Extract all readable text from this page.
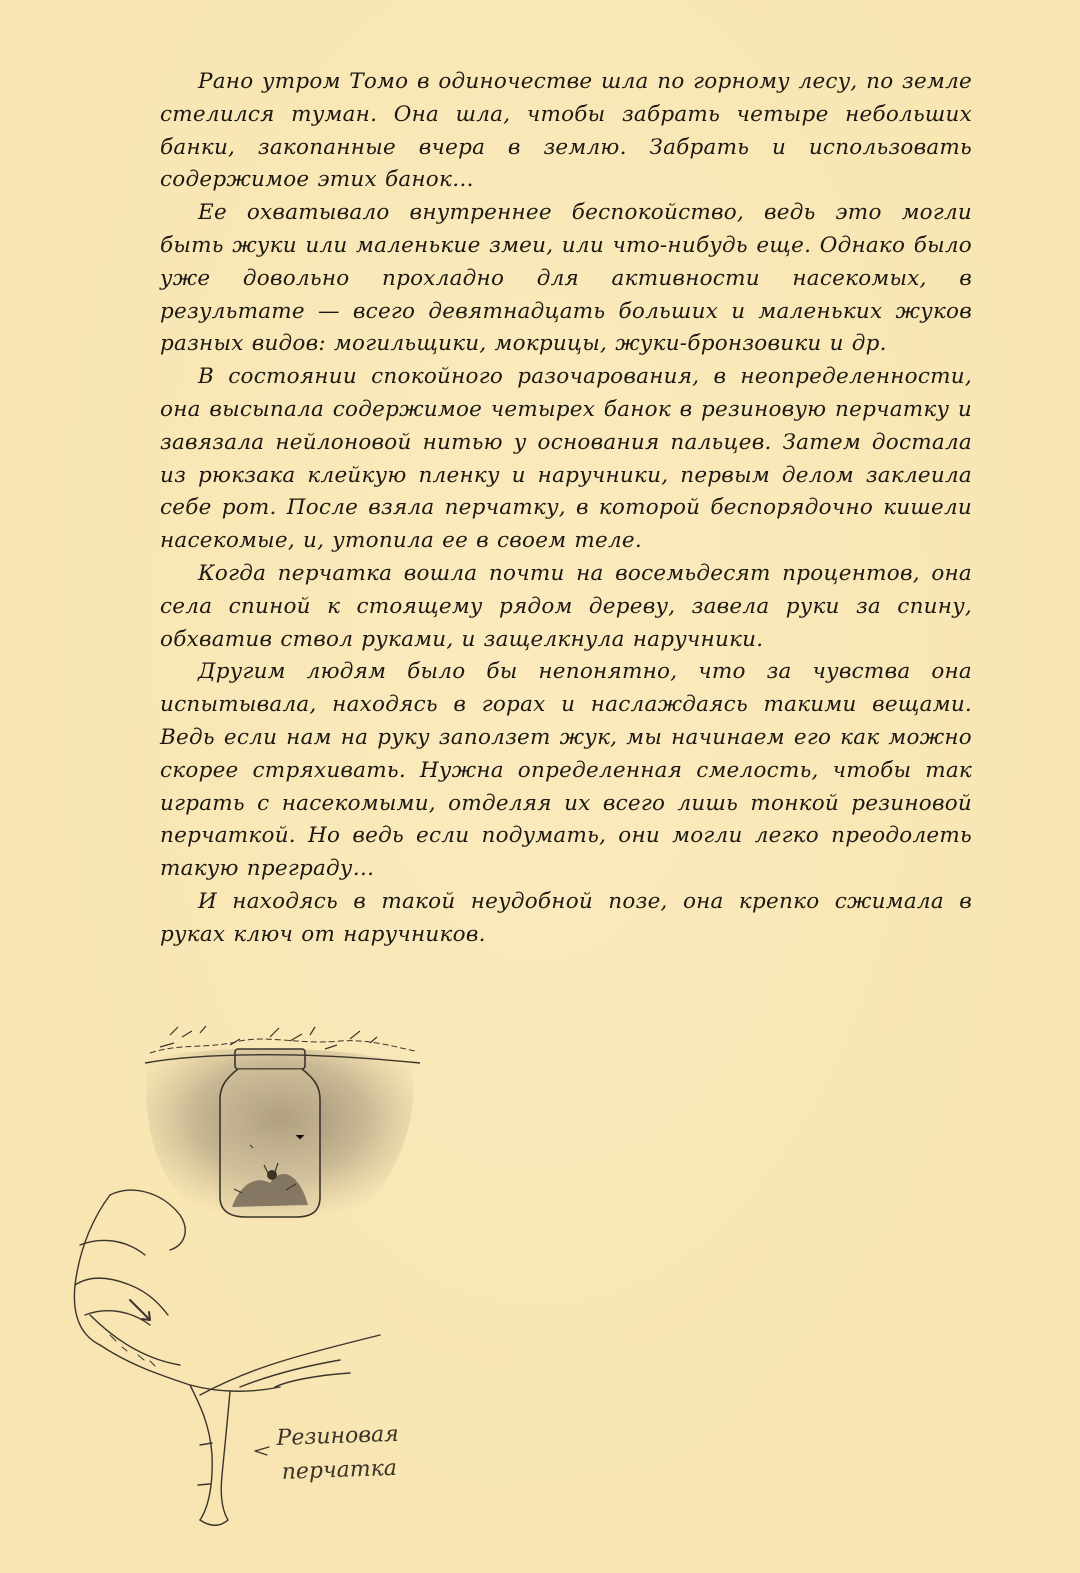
Рано утром Томо в одиночестве шла по горному лесу, по земле стелился туман. Она шла, чтобы забрать четыре небольших банки, закопанные вчера в землю. Забрать и использовать содержимое этих банок…

Ее охватывало внутреннее беспокойство, ведь это могли быть жуки или маленькие змеи, или что-нибудь еще. Однако было уже довольно прохладно для активности насекомых, в результате — всего девятнадцать больших и маленьких жуков разных видов: могильщики, мокрицы, жуки-бронзовики и др.

В состоянии спокойного разочарования, в неопределенности, она высыпала содержимое четырех банок в резиновую перчатку и завязала нейлоновой нитью у основания пальцев. Затем достала из рюкзака клейкую пленку и наручники, первым делом заклеила себе рот. После взяла перчатку, в которой беспорядочно кишели насекомые, и, утопила ее в своем теле.

Когда перчатка вошла почти на восемьдесят процентов, она села спиной к стоящему рядом дереву, завела руки за спину, обхватив ствол руками, и защелкнула наручники.

Другим людям было бы непонятно, что за чувства она испытывала, находясь в горах и наслаждаясь такими вещами. Ведь если нам на руку заползет жук, мы начинаем его как можно скорее стряхивать. Нужна определенная смелость, чтобы так играть с насекомыми, отделяя их всего лишь тонкой резиновой перчаткой. Но ведь если подумать, они могли легко преодолеть такую преграду…

И находясь в такой неудобной позе, она крепко сжимала в руках ключ от наручников.

Резиновая
перчатка
